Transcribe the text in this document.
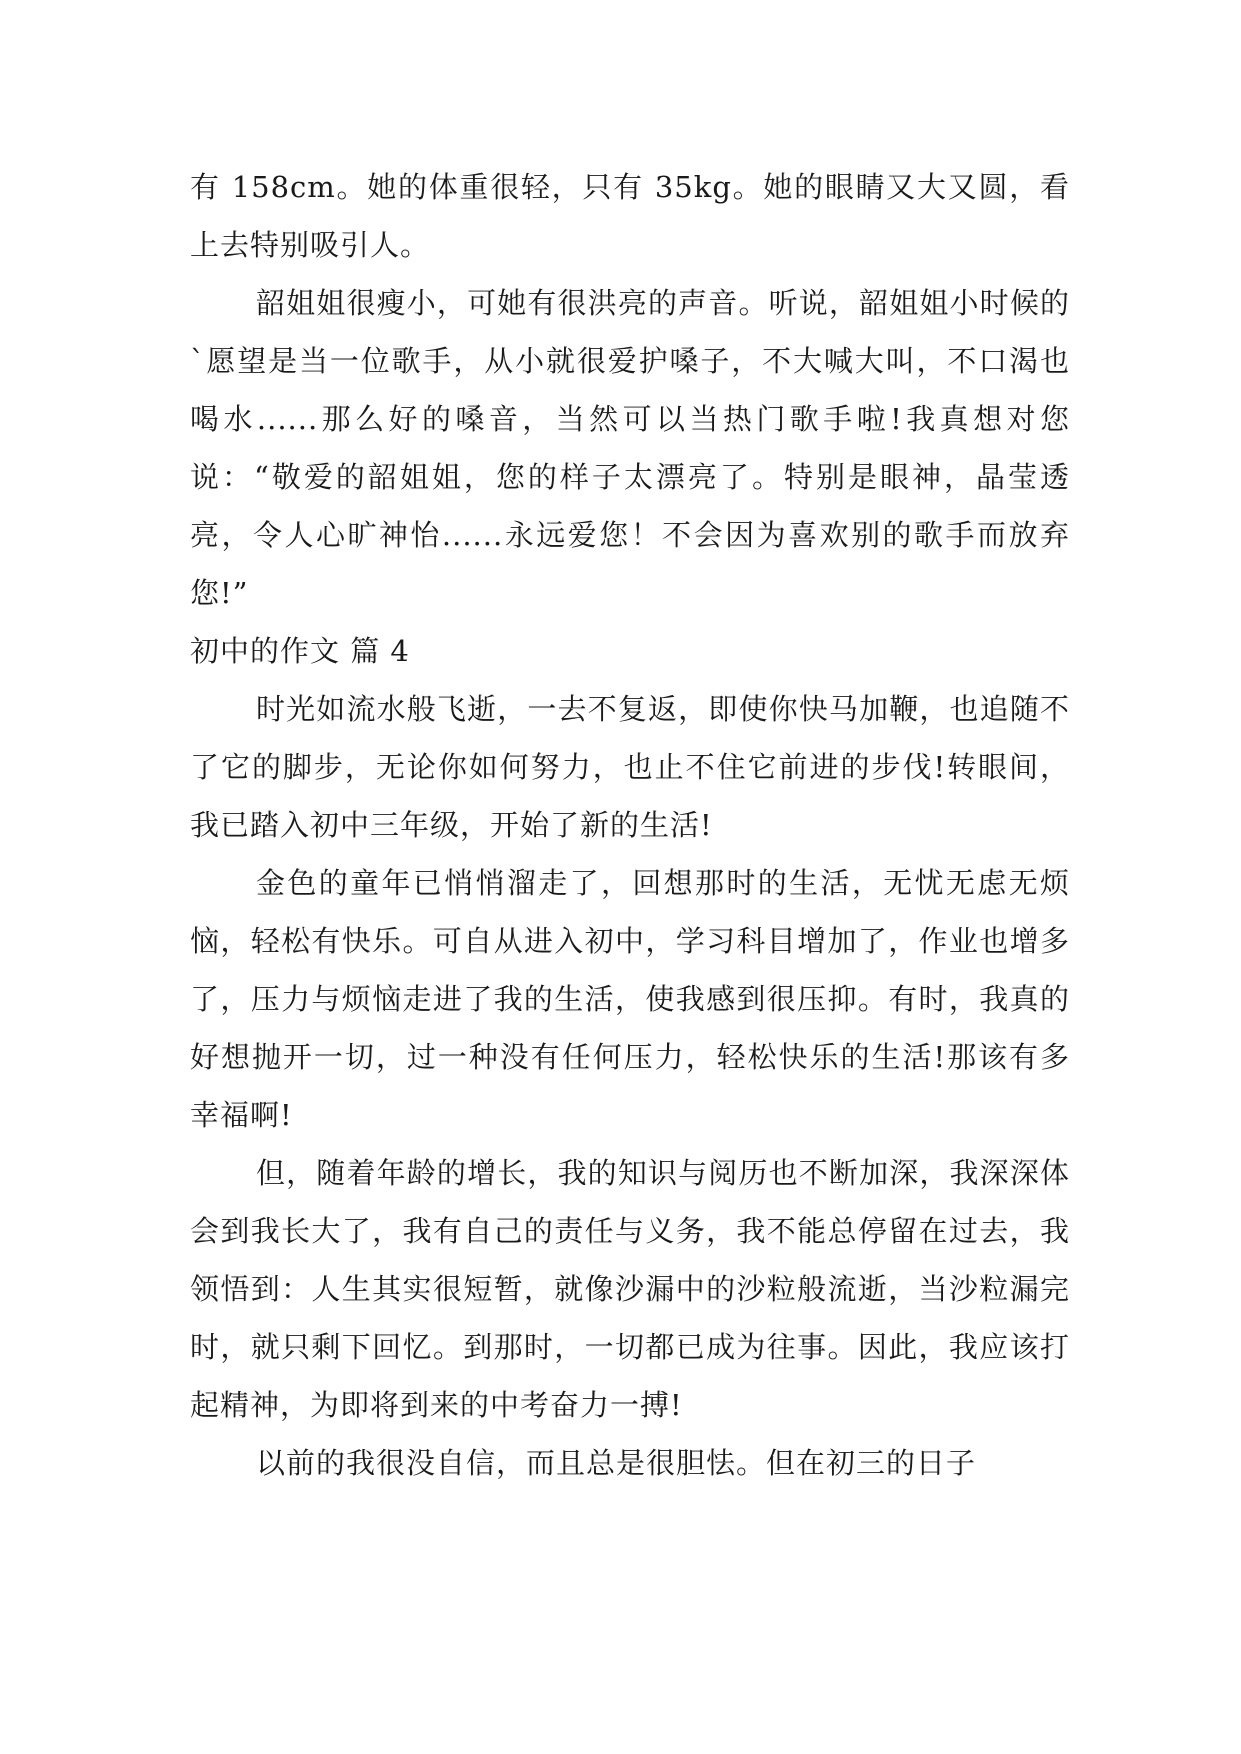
有 158cm。她的体重很轻，只有 35kg。她的眼睛又大又圆，看上去特别吸引人。

韶姐姐很瘦小，可她有很洪亮的声音。听说，韶姐姐小时候的`愿望是当一位歌手，从小就很爱护嗓子，不大喊大叫，不口渴也喝水......那么好的嗓音，当然可以当热门歌手啦!我真想对您说：“敬爱的韶姐姐，您的样子太漂亮了。特别是眼神，晶莹透亮，令人心旷神怡......永远爱您！不会因为喜欢别的歌手而放弃您!”

初中的作文 篇 4

时光如流水般飞逝，一去不复返，即使你快马加鞭，也追随不了它的脚步，无论你如何努力，也止不住它前进的步伐!转眼间，我已踏入初中三年级，开始了新的生活!

金色的童年已悄悄溜走了，回想那时的生活，无忧无虑无烦恼，轻松有快乐。可自从进入初中，学习科目增加了，作业也增多了，压力与烦恼走进了我的生活，使我感到很压抑。有时，我真的好想抛开一切，过一种没有任何压力，轻松快乐的生活!那该有多幸福啊!

但，随着年龄的增长，我的知识与阅历也不断加深，我深深体会到我长大了，我有自己的责任与义务，我不能总停留在过去，我领悟到：人生其实很短暂，就像沙漏中的沙粒般流逝，当沙粒漏完时，就只剩下回忆。到那时，一切都已成为往事。因此，我应该打起精神，为即将到来的中考奋力一搏!

以前的我很没自信，而且总是很胆怯。但在初三的日子
